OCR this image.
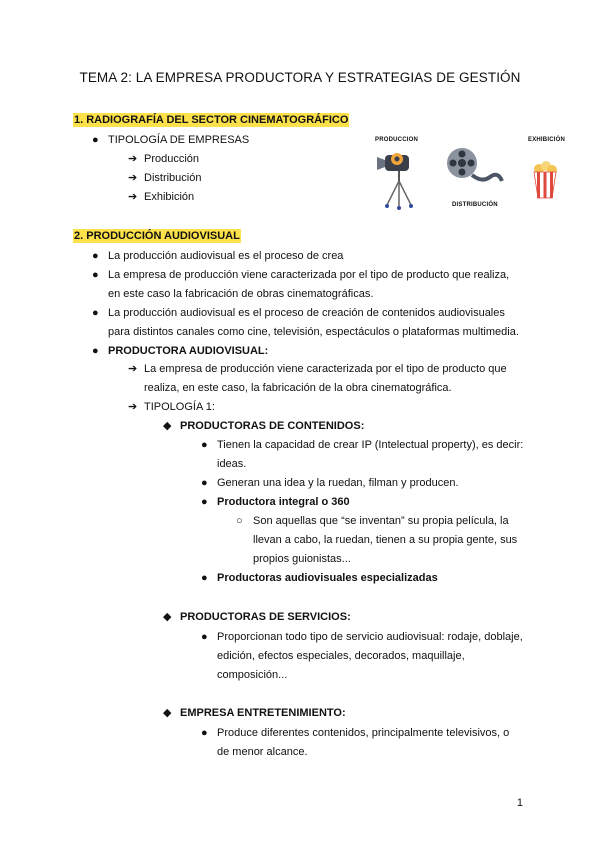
TEMA 2: LA EMPRESA PRODUCTORA Y ESTRATEGIAS DE GESTIÓN
1. RADIOGRAFÍA DEL SECTOR CINEMATOGRÁFICO
● TIPOLOGÍA DE EMPRESAS
➔ Producción
➔ Distribución
➔ Exhibición
PRODUCCION
DISTRIBUCIÓN
EXHIBICIÓN
2. PRODUCCIÓN AUDIOVISUAL
● La producción audiovisual es el proceso de crea
● La empresa de producción viene caracterizada por el tipo de producto que realiza,
en este caso la fabricación de obras cinematográficas.
● La producción audiovisual es el proceso de creación de contenidos audiovisuales
para distintos canales como cine, televisión, espectáculos o plataformas multimedia.
● PRODUCTORA AUDIOVISUAL:
➔ La empresa de producción viene caracterizada por el tipo de producto que
realiza, en este caso, la fabricación de la obra cinematográfica.
➔ TIPOLOGÍA 1:
◆ PRODUCTORAS DE CONTENIDOS:
● Tienen la capacidad de crear IP (Intelectual property), es decir:
ideas.
● Generan una idea y la ruedan, filman y producen.
● Productora integral o 360
○ Son aquellas que “se inventan” su propia película, la
llevan a cabo, la ruedan, tienen a su propia gente, sus
propios guionistas...
● Productoras audiovisuales especializadas
◆ PRODUCTORAS DE SERVICIOS:
● Proporcionan todo tipo de servicio audiovisual: rodaje, doblaje,
edición, efectos especiales, decorados, maquillaje,
composición...
◆ EMPRESA ENTRETENIMIENTO:
● Produce diferentes contenidos, principalmente televisivos, o
de menor alcance.
1
